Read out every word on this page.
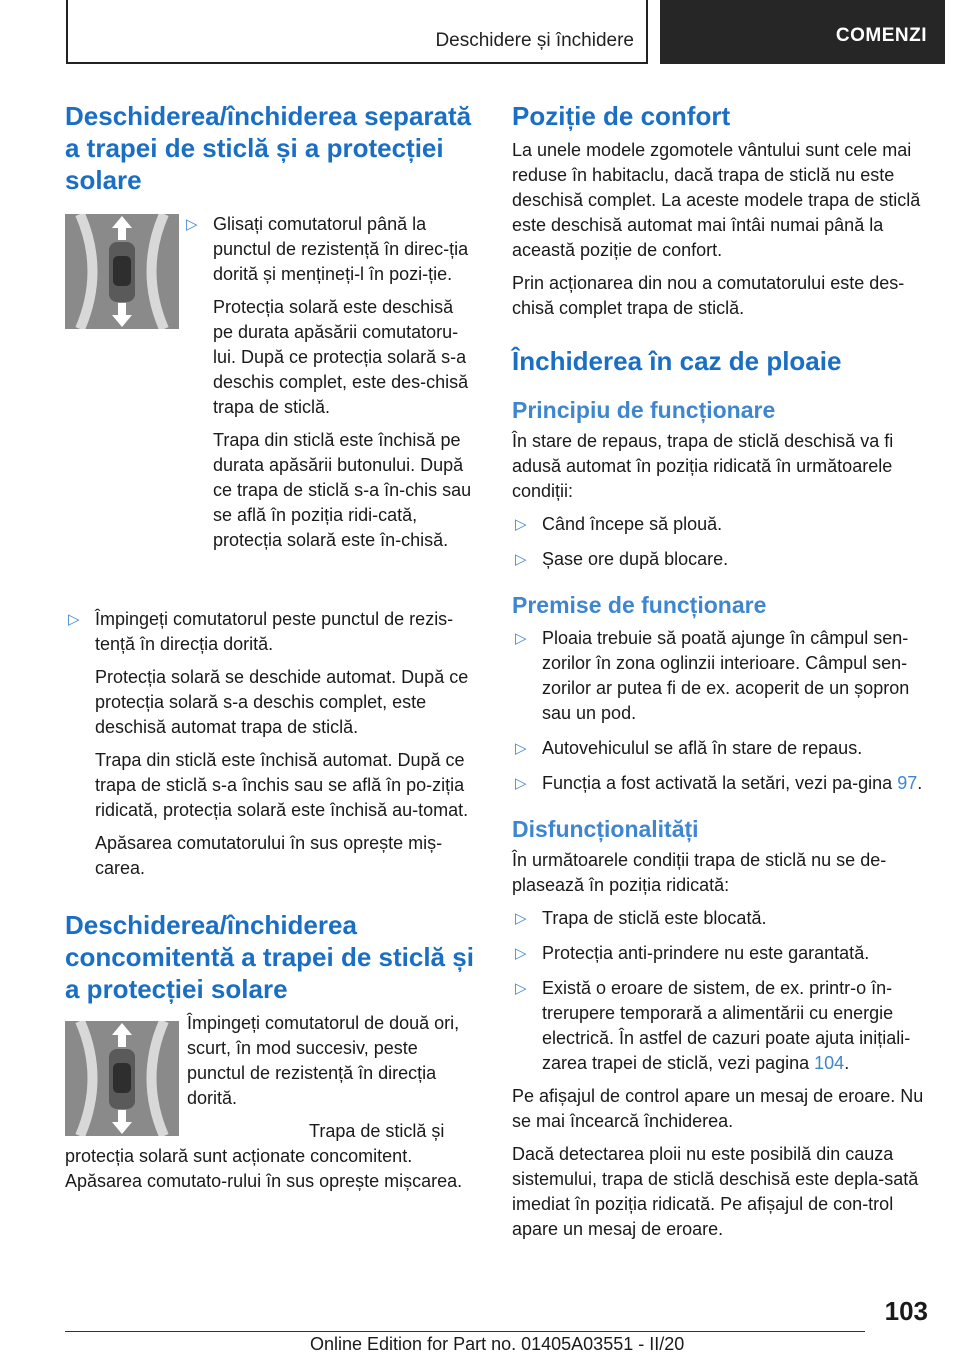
Deschidere și închidere	COMENZI
Deschiderea/închiderea separată a trapei de sticlă și a protecției solare
▷ Glisați comutatorul până la punctul de rezistență în direc-ția dorită și mențineți-l în pozi-ție.

Protecția solară este deschisă pe durata apăsării comutatoru-lui. După ce protecția solară s-a deschis complet, este des-chisă trapa de sticlă.

Trapa din sticlă este închisă pe durata apăsării butonului. După ce trapa de sticlă s-a în-chis sau se află în poziția ridi-cată, protecția solară este în-chisă.

▷ Împingeți comutatorul peste punctul de rezis-tență în direcția dorită.

Protecția solară se deschide automat. După ce protecția solară s-a deschis complet, este deschisă automat trapa de sticlă.

Trapa din sticlă este închisă automat. După ce trapa de sticlă s-a închis sau se află în po-ziția ridicată, protecția solară este închisă au-tomat.

Apăsarea comutatorului în sus oprește miș-carea.

Deschiderea/închiderea concomitentă a trapei de sticlă și a protecției solare

Împingeți comutatorul de două ori, scurt, în mod succesiv, peste punctul de rezistență în direcția dorită.

Trapa de sticlă și protecția solară sunt acționate concomitent. Apăsarea comutato-rului în sus oprește mișcarea.

Poziție de confort

La unele modele zgomotele vântului sunt cele mai reduse în habitaclu, dacă trapa de sticlă nu este deschisă complet. La aceste modele trapa de sticlă este deschisă automat mai întâi numai până la această poziție de confort.

Prin acționarea din nou a comutatorului este des-chisă complet trapa de sticlă.

Închiderea în caz de ploaie
Principiu de funcționare

În stare de repaus, trapa de sticlă deschisă va fi adusă automat în poziția ridicată în următoarele condiții:

▷ Când începe să plouă.
▷ Șase ore după blocare.
Premise de funcționare
▷ Ploaia trebuie să poată ajunge în câmpul sen-zorilor în zona oglinzii interioare. Câmpul sen-zorilor ar putea fi de ex. acoperit de un șopron sau un pod.
▷ Autovehiculul se află în stare de repaus.
▷ Funcția a fost activată la setări, vezi pa-gina 97.
Disfuncționalități

În următoarele condiții trapa de sticlă nu se de-plasează în poziția ridicată:

▷ Trapa de sticlă este blocată.
▷ Protecția anti-prindere nu este garantată.
▷ Există o eroare de sistem, de ex. printr-o în-trerupere temporară a alimentării cu energie electrică. În astfel de cazuri poate ajuta inițiali-zarea trapei de sticlă, vezi pagina 104.

Pe afișajul de control apare un mesaj de eroare. Nu se mai încearcă închiderea.

Dacă detectarea ploii nu este posibilă din cauza sistemului, trapa de sticlă deschisă este depla-sată imediat în poziția ridicată. Pe afișajul de con-trol apare un mesaj de eroare.

103
Online Edition for Part no. 01405A03551 - II/20
